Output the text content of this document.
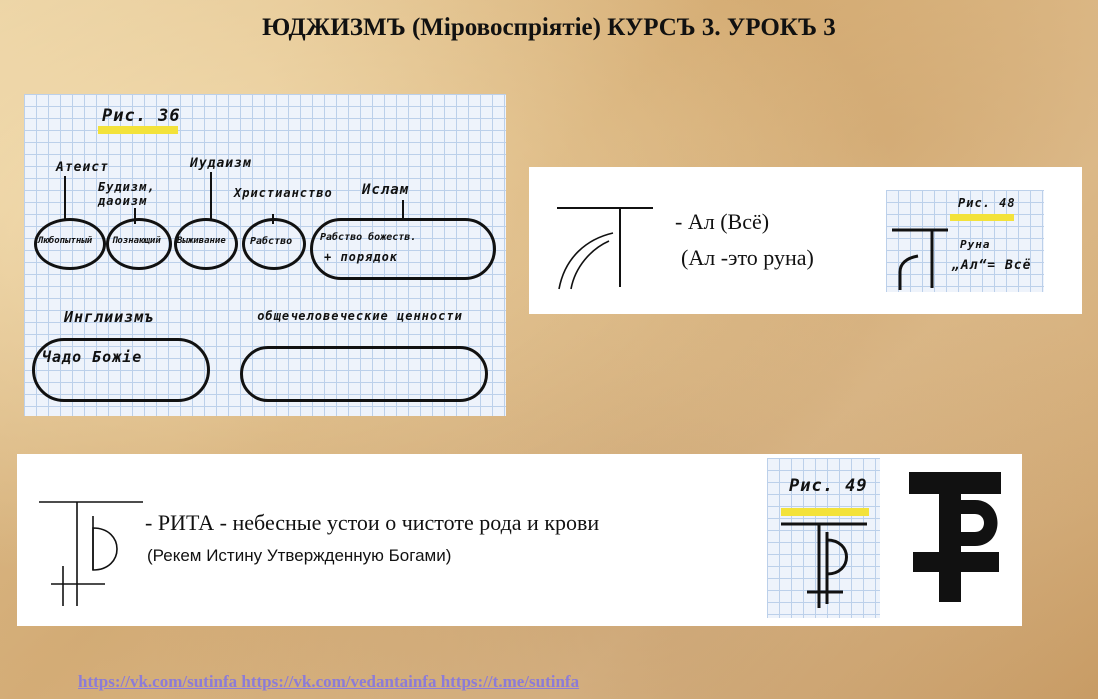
ЮДЖИЗМЪ (Міровоспріятіе) КУРСЪ 3. УРОКЪ 3
Рис. 36
Атеист
Будизм, даоизм
Иудаизм
Христианство Ислам
Любопытный Познающий Выживание Рабство	Рабство божеств.
+ порядок
Инглиизмъ	общечеловеческие ценности
Чадо Божіе
- Ал (Всё)
(Ал -это руна)
Рис. 48
Руна
„Ал“= Всё
- РИТА - небесные устои о чистоте рода и крови
(Рекем Истину Утвержденную Богами)
Рис. 49
https://vk.com/sutinfa https://vk.com/vedantainfa https://t.me/sutinfa
